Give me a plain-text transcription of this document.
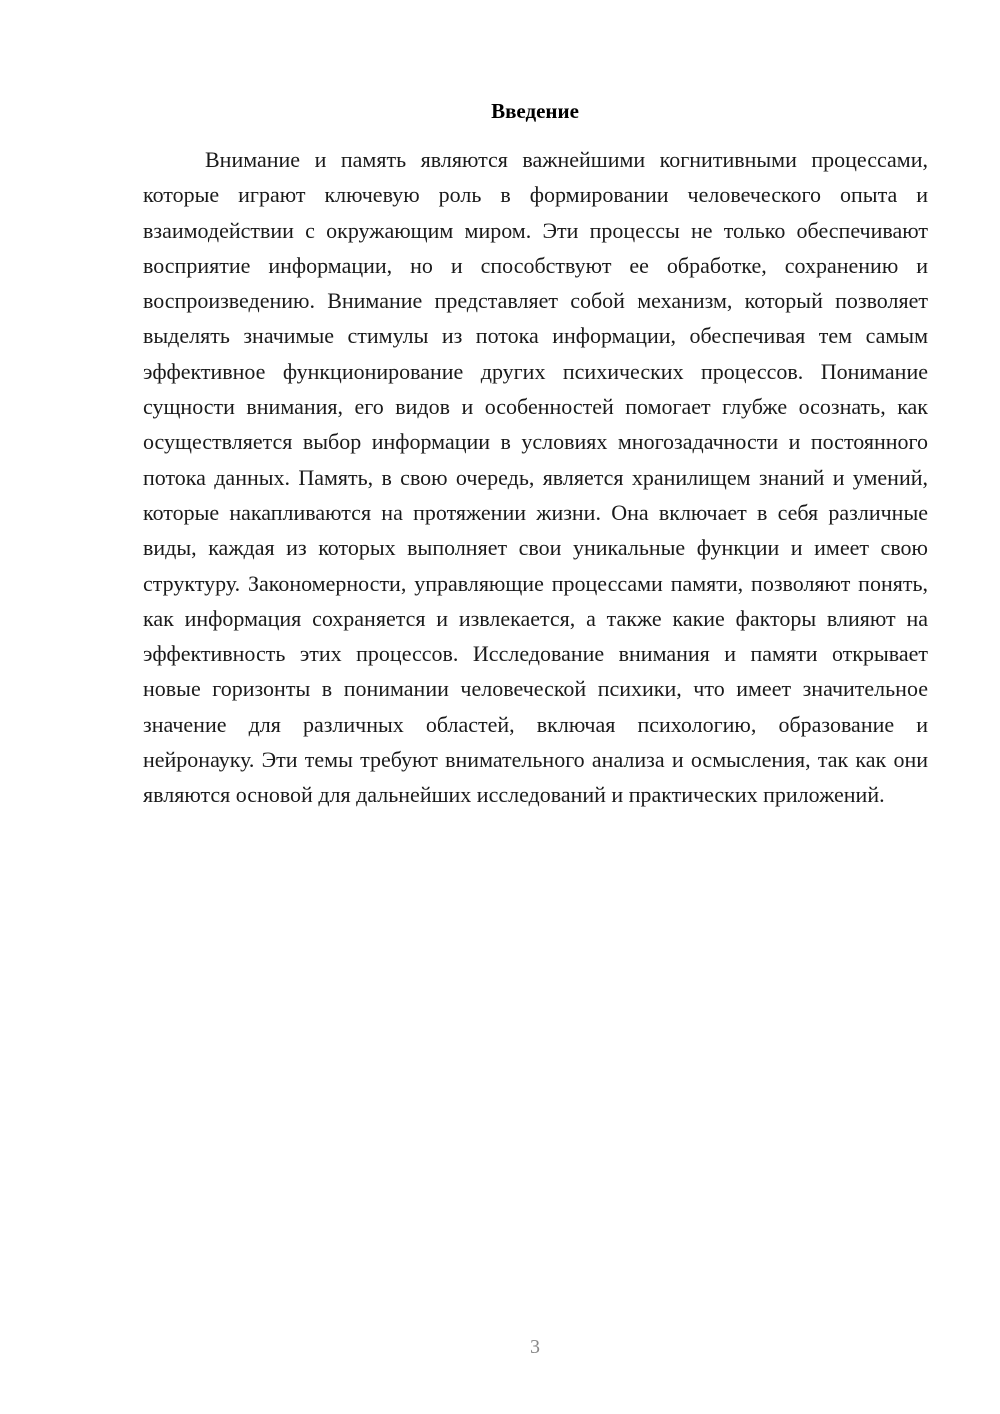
Введение

Внимание и память являются важнейшими когнитивными процессами, которые играют ключевую роль в формировании человеческого опыта и взаимодействии с окружающим миром. Эти процессы не только обеспечивают восприятие информации, но и способствуют ее обработке, сохранению и воспроизведению. Внимание представляет собой механизм, который позволяет выделять значимые стимулы из потока информации, обеспечивая тем самым эффективное функционирование других психических процессов. Понимание сущности внимания, его видов и особенностей помогает глубже осознать, как осуществляется выбор информации в условиях многозадачности и постоянного потока данных. Память, в свою очередь, является хранилищем знаний и умений, которые накапливаются на протяжении жизни. Она включает в себя различные виды, каждая из которых выполняет свои уникальные функции и имеет свою структуру. Закономерности, управляющие процессами памяти, позволяют понять, как информация сохраняется и извлекается, а также какие факторы влияют на эффективность этих процессов. Исследование внимания и памяти открывает новые горизонты в понимании человеческой психики, что имеет значительное значение для различных областей, включая психологию, образование и нейронауку. Эти темы требуют внимательного анализа и осмысления, так как они являются основой для дальнейших исследований и практических приложений.

3
